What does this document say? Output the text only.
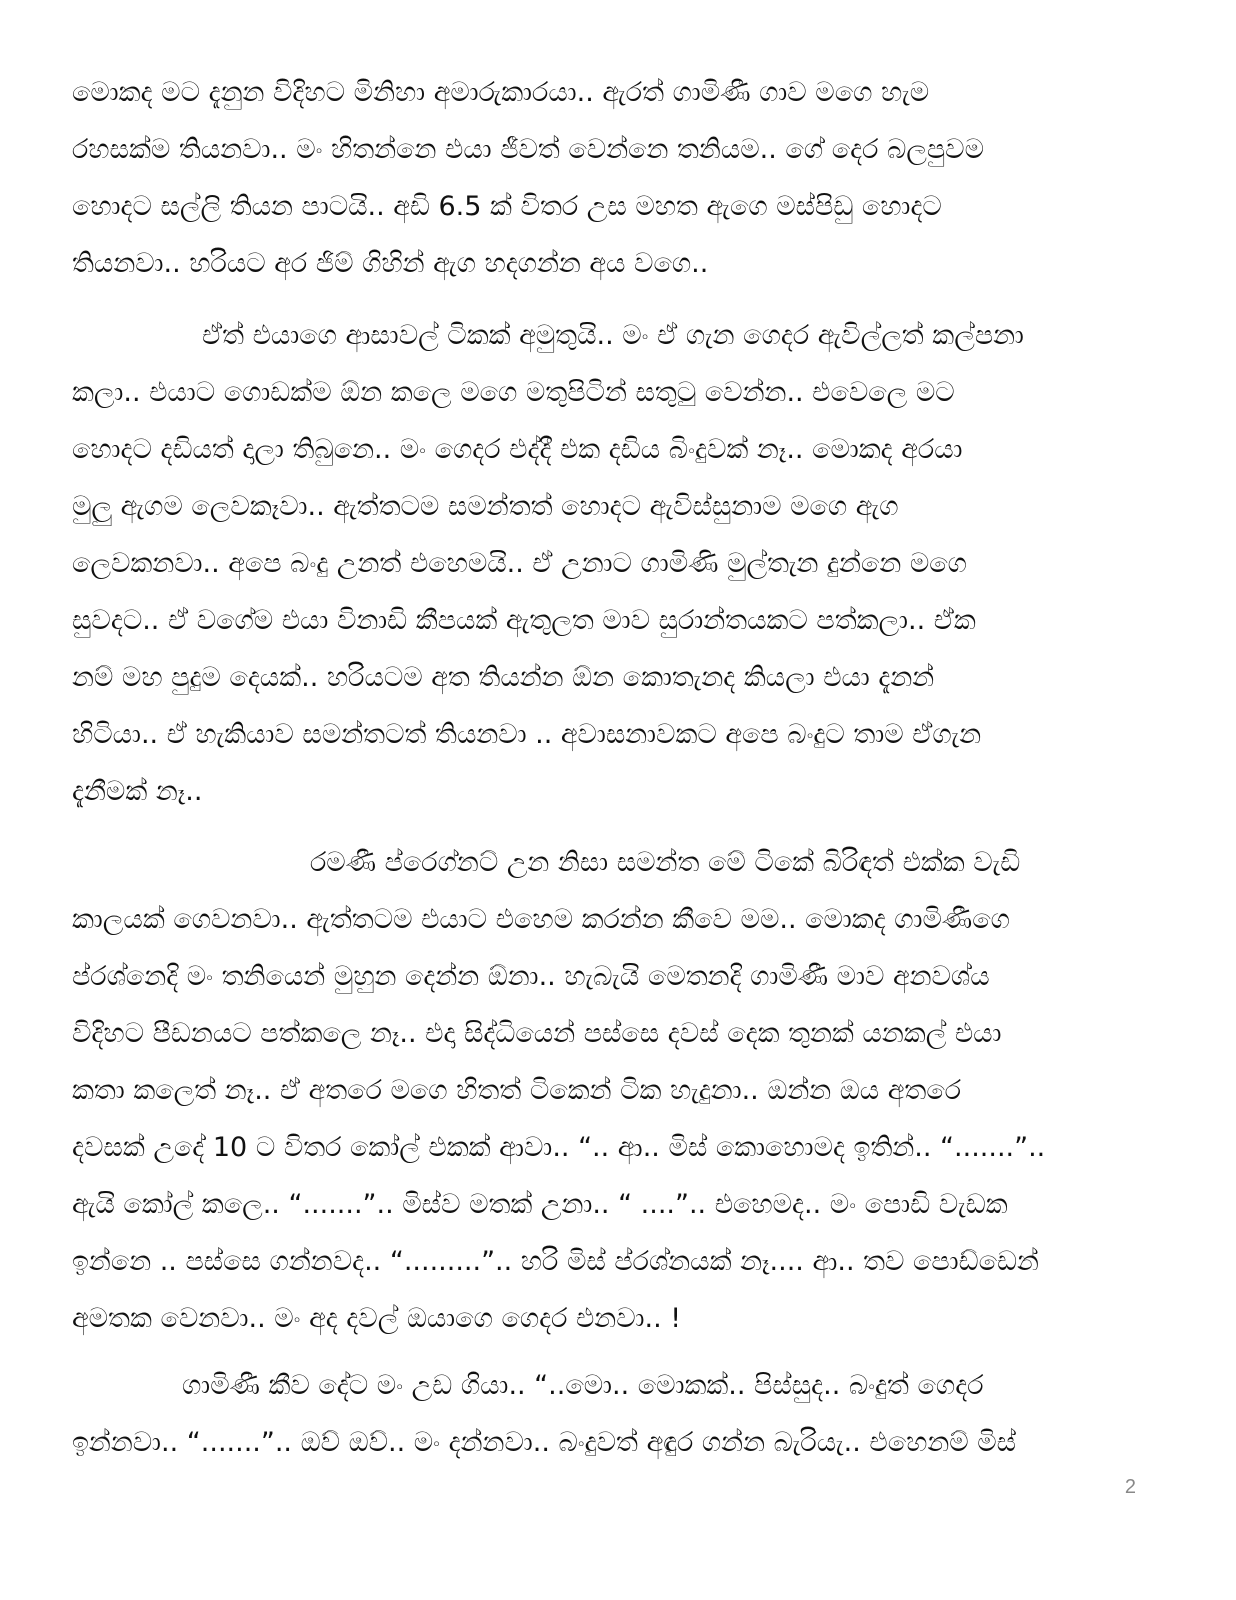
මොකද මට දැනුන විදිහට මිනිහා අමාරුකාරයා.. ඇරත් ගාමිණී ගාව මගෙ හැම
රහසක්ම තියනවා.. මං හිතන්නෙ එයා ජීවත් වෙන්නෙ තනියම.. ගේ දෙර බලපුවම
හොදට සල්ලි තියන පාටයි.. අඩි 6.5 ක් විතර උස මහත ඇගෙ මස්පිඩු හොදට
තියනවා.. හරියට අර ජිම් ගිහින් ඇග හදගන්න අය වගෙ..
ඒත් එයාගෙ ආසාවල් ටිකක් අමුතුයි.. මං ඒ ගැන ගෙදර ඇවිල්ලත් කල්පනා
කලා.. එයාට ගොඩක්ම ඕන කලෙ මගෙ මතුපිටින් සතුටු වෙන්න.. එවෙලෙ මට
හොදට දඩියත් දාලා තිබුනෙ.. මං ගෙදර එද්දී එක දඩිය බිංදුවක් නෑ.. මොකද අරයා
මුලු ඇගම ලෙවකෑවා.. ඇත්තටම සමන්තත් හොදට ඇවිස්සුනාම මගෙ ඇග
ලෙවකනවා.. අපෙ බංදු උනත් එහෙමයි.. ඒ උනාට ගාමිණි මුල්තැන දුන්නෙ මගෙ
සුවදට.. ඒ වගේම එයා විනාඩි කීපයක් ඇතුලත මාව සුරාන්තයකට පත්කලා.. ඒක
නම් මහ පුදුම දෙයක්.. හරියටම අත තියන්න ඕන කොතැනද කියලා එයා දැනන්
හිටියා.. ඒ හැකියාව සමන්තටත් තියනවා .. අවාසනාවකට අපෙ බංදුට තාම ඒගැන
දැනීමක් නෑ..
රමණී ප්රෙග්නට් උන නිසා සමන්ත මේ ටිකේ බිරිඳත් එක්ක වැඩි
කාලයක් ගෙවනවා.. ඇත්තටම එයාට එහෙම කරන්න කීවෙ මම.. මොකද ගාමිණීගෙ
ප්රශ්නෙදි මං තනියෙන් මුහුන දෙන්න ඕනා.. හැබැයි මෙතනදි ගාමිණී මාව අනවශ්ය
විදිහට පීඩනයට පත්කලෙ නෑ.. එදා සිද්ධියෙන් පස්සෙ දවස් දෙක තුනක් යනකල් එයා
කතා කලෙත් නෑ.. ඒ අතරෙ මගෙ හිතත් ටිකෙන් ටික හැදුනා.. ඔන්න ඔය අතරෙ
දවසක් උදේ 10 ට විතර කෝල් එකක් ආවා.. “.. ආ.. මිස් කොහොමද ඉතින්.. “.......”..
ඇයි කෝල් කලෙ.. “.......”.. මිස්ව මතක් උනා.. “ ....”.. එහෙමද.. මං පොඩි වැඩක
ඉන්නෙ .. පස්සෙ ගන්නවද.. “.........”.. හරි මිස් ප්රශ්නයක් නෑ.... ආ.. තව පොඩ්ඩෙන්
අමතක වෙනවා.. මං අද දවල් ඔයාගෙ ගෙදර එනවා.. !
ගාමිණී කීව දේට මං උඩ ගියා.. “..මො.. මොකක්.. පිස්සුද.. බංදුත් ගෙදර
ඉන්නවා.. “.......”.. ඔව් ඔව්.. මං දන්නවා.. බංදුවත් අඳුර ගන්න බැරියැ.. එහෙනම් මිස්
2
